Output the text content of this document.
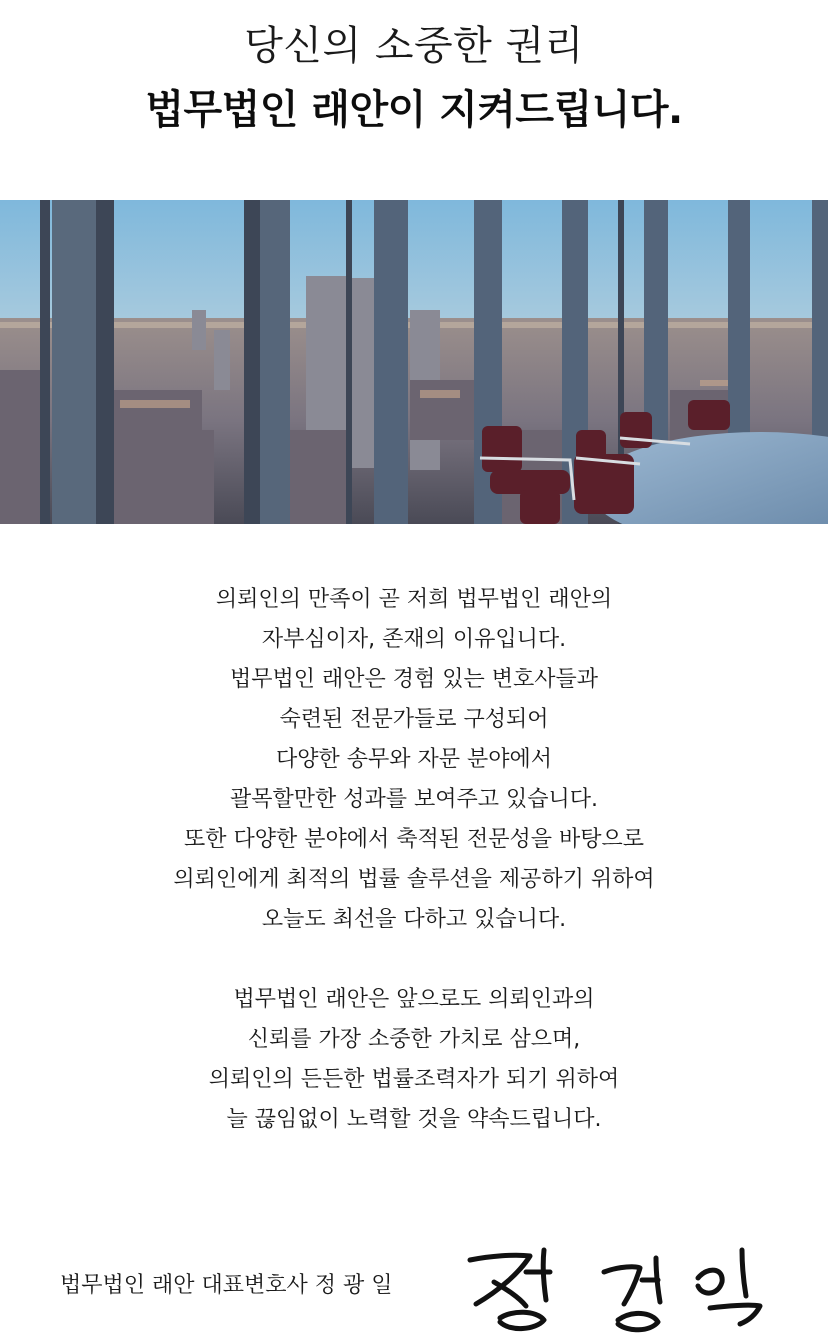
당신의 소중한 권리
법무법인 래안이 지켜드립니다.
의뢰인의 만족이 곧 저희 법무법인 래안의
자부심이자, 존재의 이유입니다.
법무법인 래안은 경험 있는 변호사들과
숙련된 전문가들로 구성되어
다양한 송무와 자문 분야에서
괄목할만한 성과를 보여주고 있습니다.
또한 다양한 분야에서 축적된 전문성을 바탕으로
의뢰인에게 최적의 법률 솔루션을 제공하기 위하여
오늘도 최선을 다하고 있습니다.
법무법인 래안은 앞으로도 의뢰인과의
신뢰를 가장 소중한 가치로 삼으며,
의뢰인의 든든한 법률조력자가 되기 위하여
늘 끊임없이 노력할 것을 약속드립니다.
법무법인 래안 대표변호사 정 광 일
